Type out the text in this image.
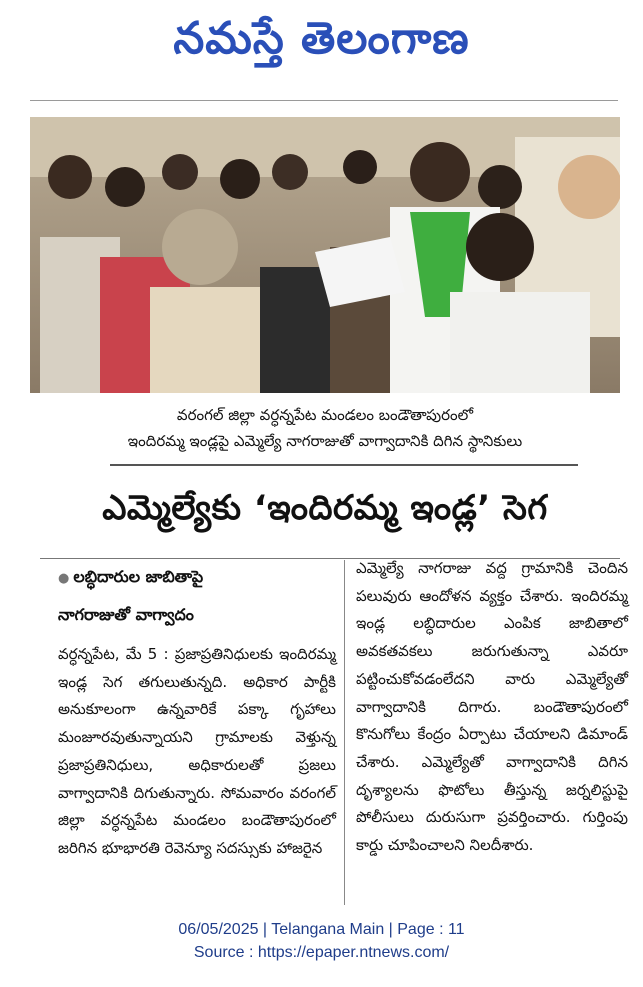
నమస్తే తెలంగాణ
వరంగల్ జిల్లా వర్ధన్నపేట మండలం బండౌతాపురంలో
ఇందిరమ్మ ఇండ్లపై ఎమ్మెల్యే నాగరాజుతో వాగ్వాదానికి దిగిన స్థానికులు
ఎమ్మెల్యేకు ‘ఇందిరమ్మ ఇండ్ల’ సెగ
● లబ్ధిదారుల జాబితాపై
నాగరాజుతో వాగ్వాదం
వర్ధన్నపేట, మే 5 : ప్రజాప్రతినిధులకు ఇందిరమ్మ ఇండ్ల సెగ తగులుతున్నది. అధికార పార్టీకి అనుకూలంగా ఉన్నవారికే పక్కా గృహాలు మంజూరవుతున్నాయని గ్రామాలకు వెళ్తున్న ప్రజాప్రతినిధులు, అధికారులతో ప్రజలు వాగ్వాదానికి దిగుతున్నారు. సోమవారం వరంగల్ జిల్లా వర్ధన్నపేట మండలం బండౌతాపురంలో జరిగిన భూభారతి రెవెన్యూ సదస్సుకు హాజరైన
ఎమ్మెల్యే నాగరాజు వద్ద గ్రామానికి చెందిన పలువురు ఆందోళన వ్యక్తం చేశారు. ఇందిరమ్మ ఇండ్ల లబ్ధిదారుల ఎంపిక జాబితాలో అవకతవకలు జరుగుతున్నా ఎవరూ పట్టించుకోవడంలేదని వారు ఎమ్మెల్యేతో వాగ్వాదానికి దిగారు. బండౌతాపురంలో కొనుగోలు కేంద్రం ఏర్పాటు చేయాలని డిమాండ్ చేశారు. ఎమ్మెల్యేతో వాగ్వాదానికి దిగిన దృశ్యాలను ఫొటోలు తీస్తున్న జర్నలిస్టుపై పోలీసులు దురుసుగా ప్రవర్తించారు. గుర్తింపు కార్డు చూపించాలని నిలదీశారు.
06/05/2025 | Telangana Main | Page : 11
Source : https://epaper.ntnews.com/
